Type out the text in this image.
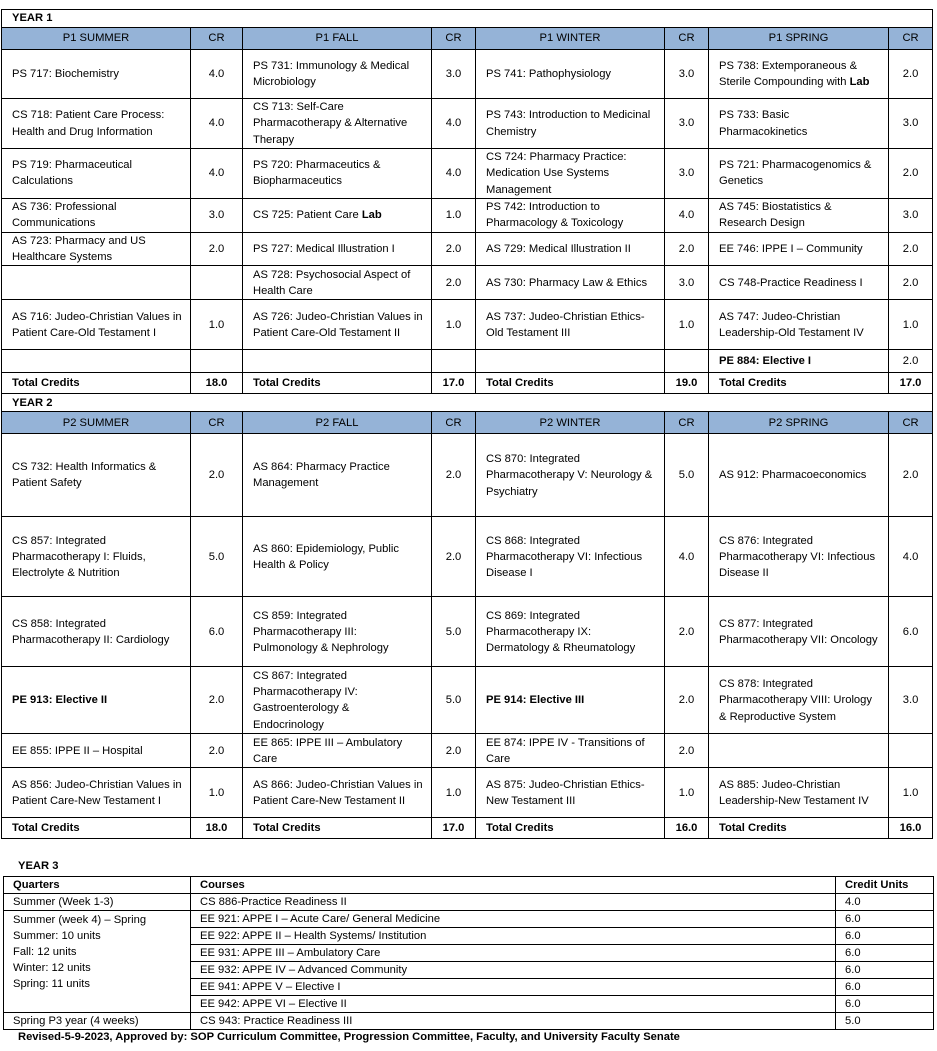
YEAR 1							
P1 SUMMER	CR	P1 FALL	CR	P1 WINTER	CR	P1 SPRING	CR
PS 717: Biochemistry	4.0	PS 731: Immunology & Medical Microbiology	3.0	PS 741: Pathophysiology	3.0	PS 738: Extemporaneous & Sterile Compounding with Lab	2.0
CS 718: Patient Care Process: Health and Drug Information	4.0	CS 713: Self-Care Pharmacotherapy & Alternative Therapy	4.0	PS 743: Introduction to Medicinal Chemistry	3.0	PS 733: Basic Pharmacokinetics	3.0
PS 719: Pharmaceutical Calculations	4.0	PS 720: Pharmaceutics & Biopharmaceutics	4.0	CS 724: Pharmacy Practice: Medication Use Systems Management	3.0	PS 721: Pharmacogenomics & Genetics	2.0
AS 736: Professional Communications	3.0	CS 725: Patient Care Lab	1.0	PS 742: Introduction to Pharmacology & Toxicology	4.0	AS 745: Biostatistics & Research Design	3.0
AS 723: Pharmacy and US Healthcare Systems	2.0	PS 727: Medical Illustration I	2.0	AS 729: Medical Illustration II	2.0	EE 746: IPPE I – Community	2.0
		AS 728: Psychosocial Aspect of Health Care	2.0	AS 730: Pharmacy Law & Ethics	3.0	CS 748-Practice Readiness I	2.0
AS 716: Judeo-Christian Values in Patient Care-Old Testament I	1.0	AS 726: Judeo-Christian Values in Patient Care-Old Testament II	1.0	AS 737: Judeo-Christian Ethics-Old Testament III	1.0	AS 747: Judeo-Christian Leadership-Old Testament IV	1.0
						PE 884: Elective I	2.0
Total Credits	18.0	Total Credits	17.0	Total Credits	19.0	Total Credits	17.0
YEAR 2							
P2 SUMMER	CR	P2 FALL	CR	P2 WINTER	CR	P2 SPRING	CR
CS 732: Health Informatics & Patient Safety	2.0	AS 864: Pharmacy Practice Management	2.0	CS 870: Integrated Pharmacotherapy V: Neurology & Psychiatry	5.0	AS 912: Pharmacoeconomics	2.0
CS 857: Integrated Pharmacotherapy I: Fluids, Electrolyte & Nutrition	5.0	AS 860: Epidemiology, Public Health & Policy	2.0	CS 868: Integrated Pharmacotherapy VI: Infectious Disease I	4.0	CS 876: Integrated Pharmacotherapy VI: Infectious Disease II	4.0
CS 858: Integrated Pharmacotherapy II: Cardiology	6.0	CS 859: Integrated Pharmacotherapy III: Pulmonology & Nephrology	5.0	CS 869: Integrated Pharmacotherapy IX: Dermatology & Rheumatology	2.0	CS 877: Integrated Pharmacotherapy VII: Oncology	6.0
PE 913: Elective II	2.0	CS 867: Integrated Pharmacotherapy IV: Gastroenterology & Endocrinology	5.0	PE 914: Elective III	2.0	CS 878: Integrated Pharmacotherapy VIII: Urology & Reproductive System	3.0
EE 855: IPPE II – Hospital	2.0	EE 865: IPPE III – Ambulatory Care	2.0	EE 874: IPPE IV - Transitions of Care	2.0		
AS 856: Judeo-Christian Values in Patient Care-New Testament I	1.0	AS 866: Judeo-Christian Values in Patient Care-New Testament II	1.0	AS 875: Judeo-Christian Ethics-New Testament III	1.0	AS 885: Judeo-Christian Leadership-New Testament IV	1.0
Total Credits	18.0	Total Credits	17.0	Total Credits	16.0	Total Credits	16.0
YEAR 3
Quarters	Courses	Credit Units
Summer (Week 1-3)	CS 886-Practice Readiness II	4.0

Summer (week 4) – Spring
Summer: 10 units
Fall: 12 units
Winter: 12 units
Spring: 11 units	EE 921: APPE I – Acute Care/ General Medicine	6.0
	EE 922: APPE II – Health Systems/ Institution	6.0
	EE 931: APPE III – Ambulatory Care	6.0
	EE 932: APPE IV – Advanced Community	6.0
	EE 941: APPE V – Elective I	6.0
	EE 942: APPE VI – Elective II	6.0
Spring P3 year (4 weeks)	CS 943: Practice Readiness III	5.0
Revised-5-9-2023, Approved by: SOP Curriculum Committee, Progression Committee, Faculty, and University Faculty Senate
